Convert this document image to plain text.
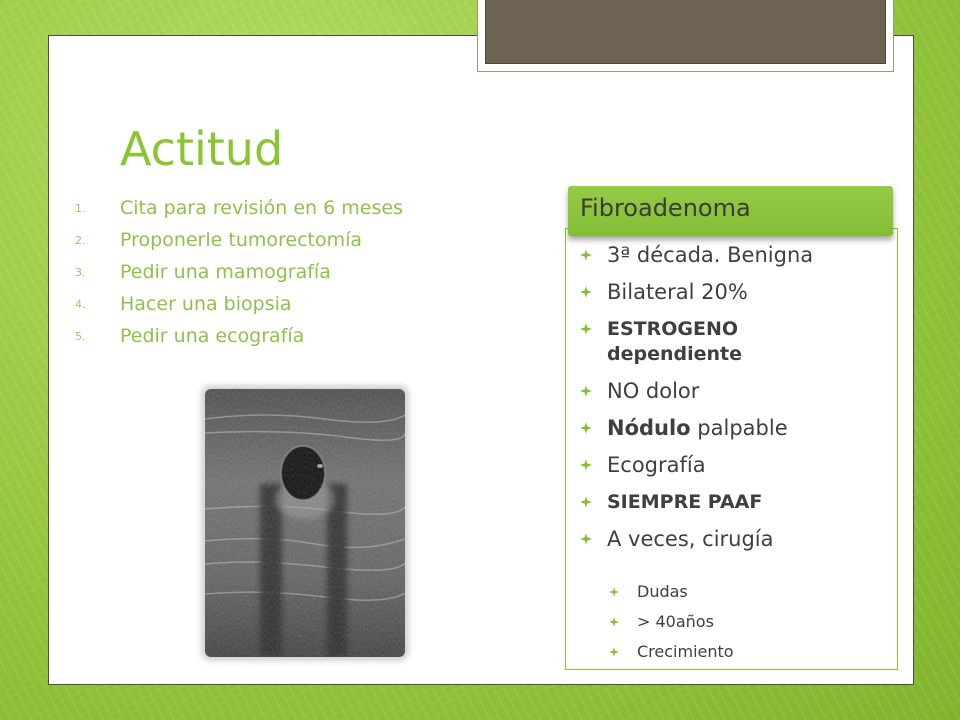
Actitud
1. Cita para revisión en 6 meses
2. Proponerle tumorectomía
3. Pedir una mamografía
4. Hacer una biopsia
5. Pedir una ecografía
Fibroadenoma
3ª década. Benigna
Bilateral 20%
ESTROGENO dependiente
NO dolor
Nódulo palpable
Ecografía
SIEMPRE PAAF
A veces, cirugía
Dudas
> 40años
Crecimiento
